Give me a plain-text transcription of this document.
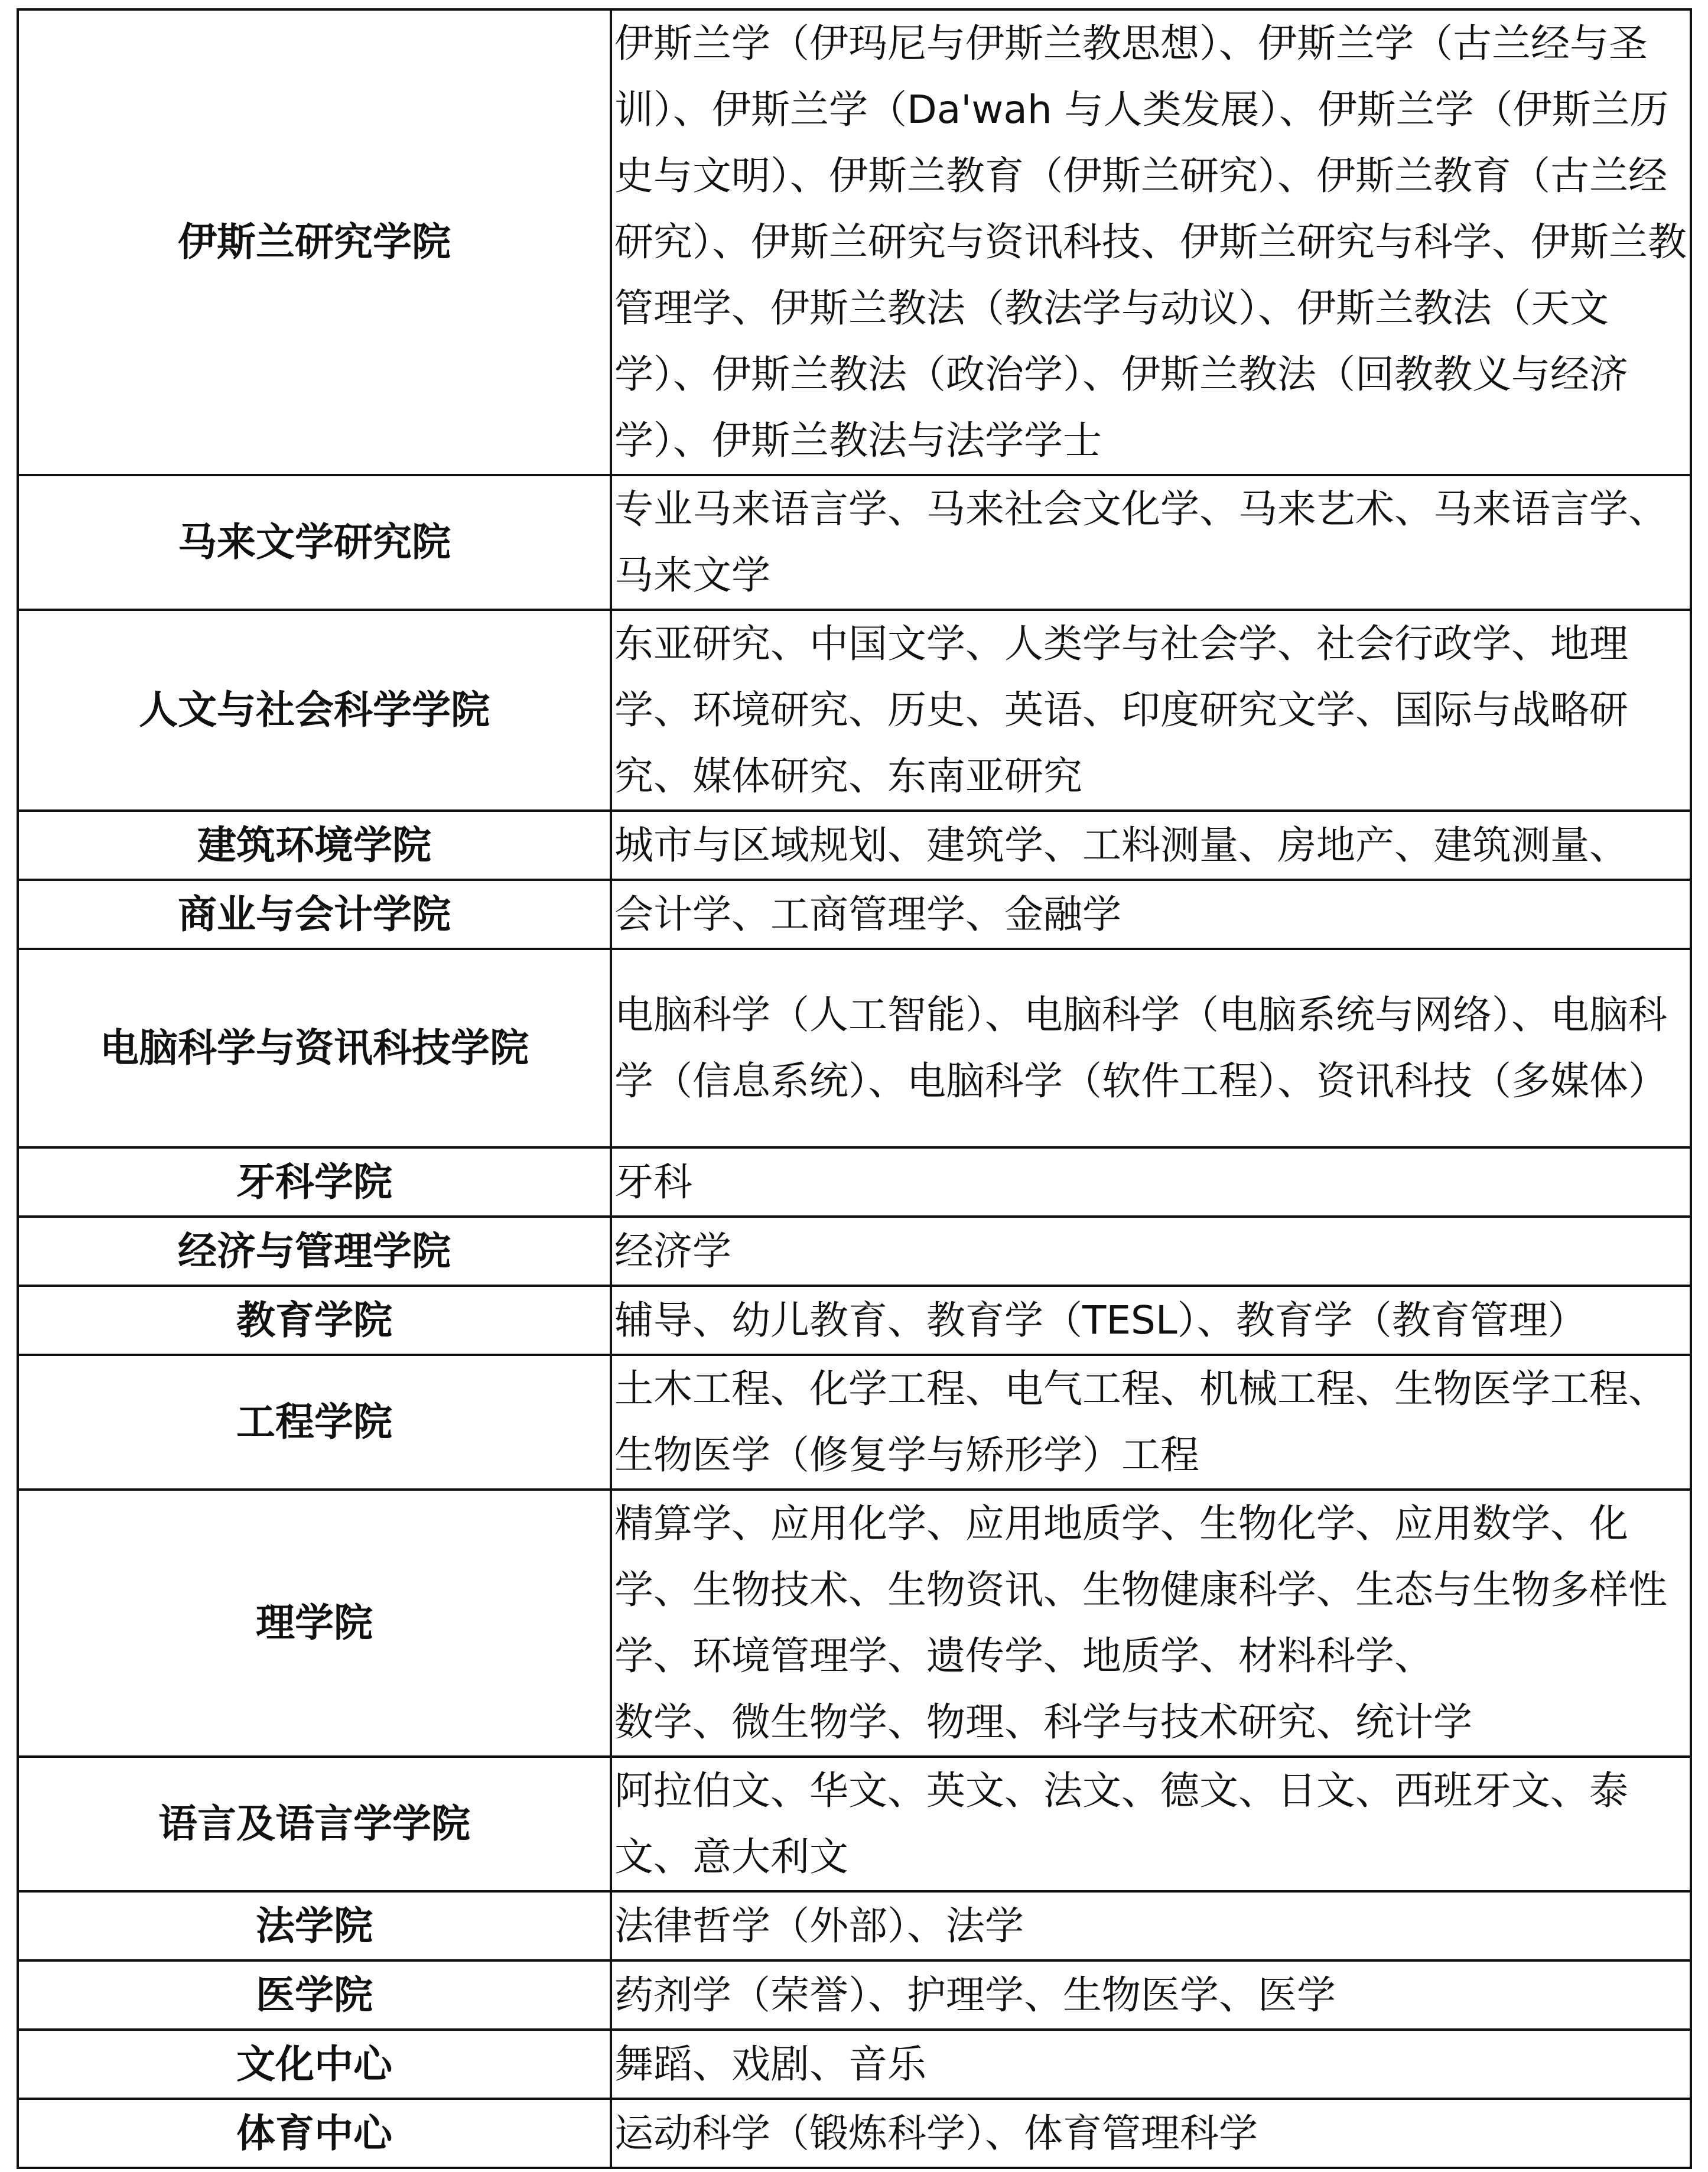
伊斯兰研究学院	伊斯兰学（伊玛尼与伊斯兰教思想）、伊斯兰学（古兰经与圣训）、伊斯兰学（Da'wah 与人类发展）、伊斯兰学（伊斯兰历史与文明）、伊斯兰教育（伊斯兰研究）、伊斯兰教育（古兰经研究）、伊斯兰研究与资讯科技、伊斯兰研究与科学、伊斯兰教管理学、伊斯兰教法（教法学与动议）、伊斯兰教法（天文学）、伊斯兰教法（政治学）、伊斯兰教法（回教教义与经济学）、伊斯兰教法与法学学士
马来文学研究院	专业马来语言学、马来社会文化学、马来艺术、马来语言学、马来文学
人文与社会科学学院	东亚研究、中国文学、人类学与社会学、社会行政学、地理学、环境研究、历史、英语、印度研究文学、国际与战略研究、媒体研究、东南亚研究
建筑环境学院	城市与区域规划、建筑学、工料测量、房地产、建筑测量、
商业与会计学院	会计学、工商管理学、金融学
电脑科学与资讯科技学院	电脑科学（人工智能）、电脑科学（电脑系统与网络）、电脑科学（信息系统）、电脑科学（软件工程）、资讯科技（多媒体）
牙科学院	牙科
经济与管理学院	经济学
教育学院	辅导、幼儿教育、教育学（TESL）、教育学（教育管理）
工程学院	土木工程、化学工程、电气工程、机械工程、生物医学工程、生物医学（修复学与矫形学）工程
理学院	精算学、应用化学、应用地质学、生物化学、应用数学、化学、生物技术、生物资讯、生物健康科学、生态与生物多样性学、环境管理学、遗传学、地质学、材料科学、
数学、微生物学、物理、科学与技术研究、统计学
语言及语言学学院	阿拉伯文、华文、英文、法文、德文、日文、西班牙文、泰文、意大利文
法学院	法律哲学（外部）、法学
医学院	药剂学（荣誉）、护理学、生物医学、医学
文化中心	舞蹈、戏剧、音乐
体育中心	运动科学（锻炼科学）、体育管理科学
